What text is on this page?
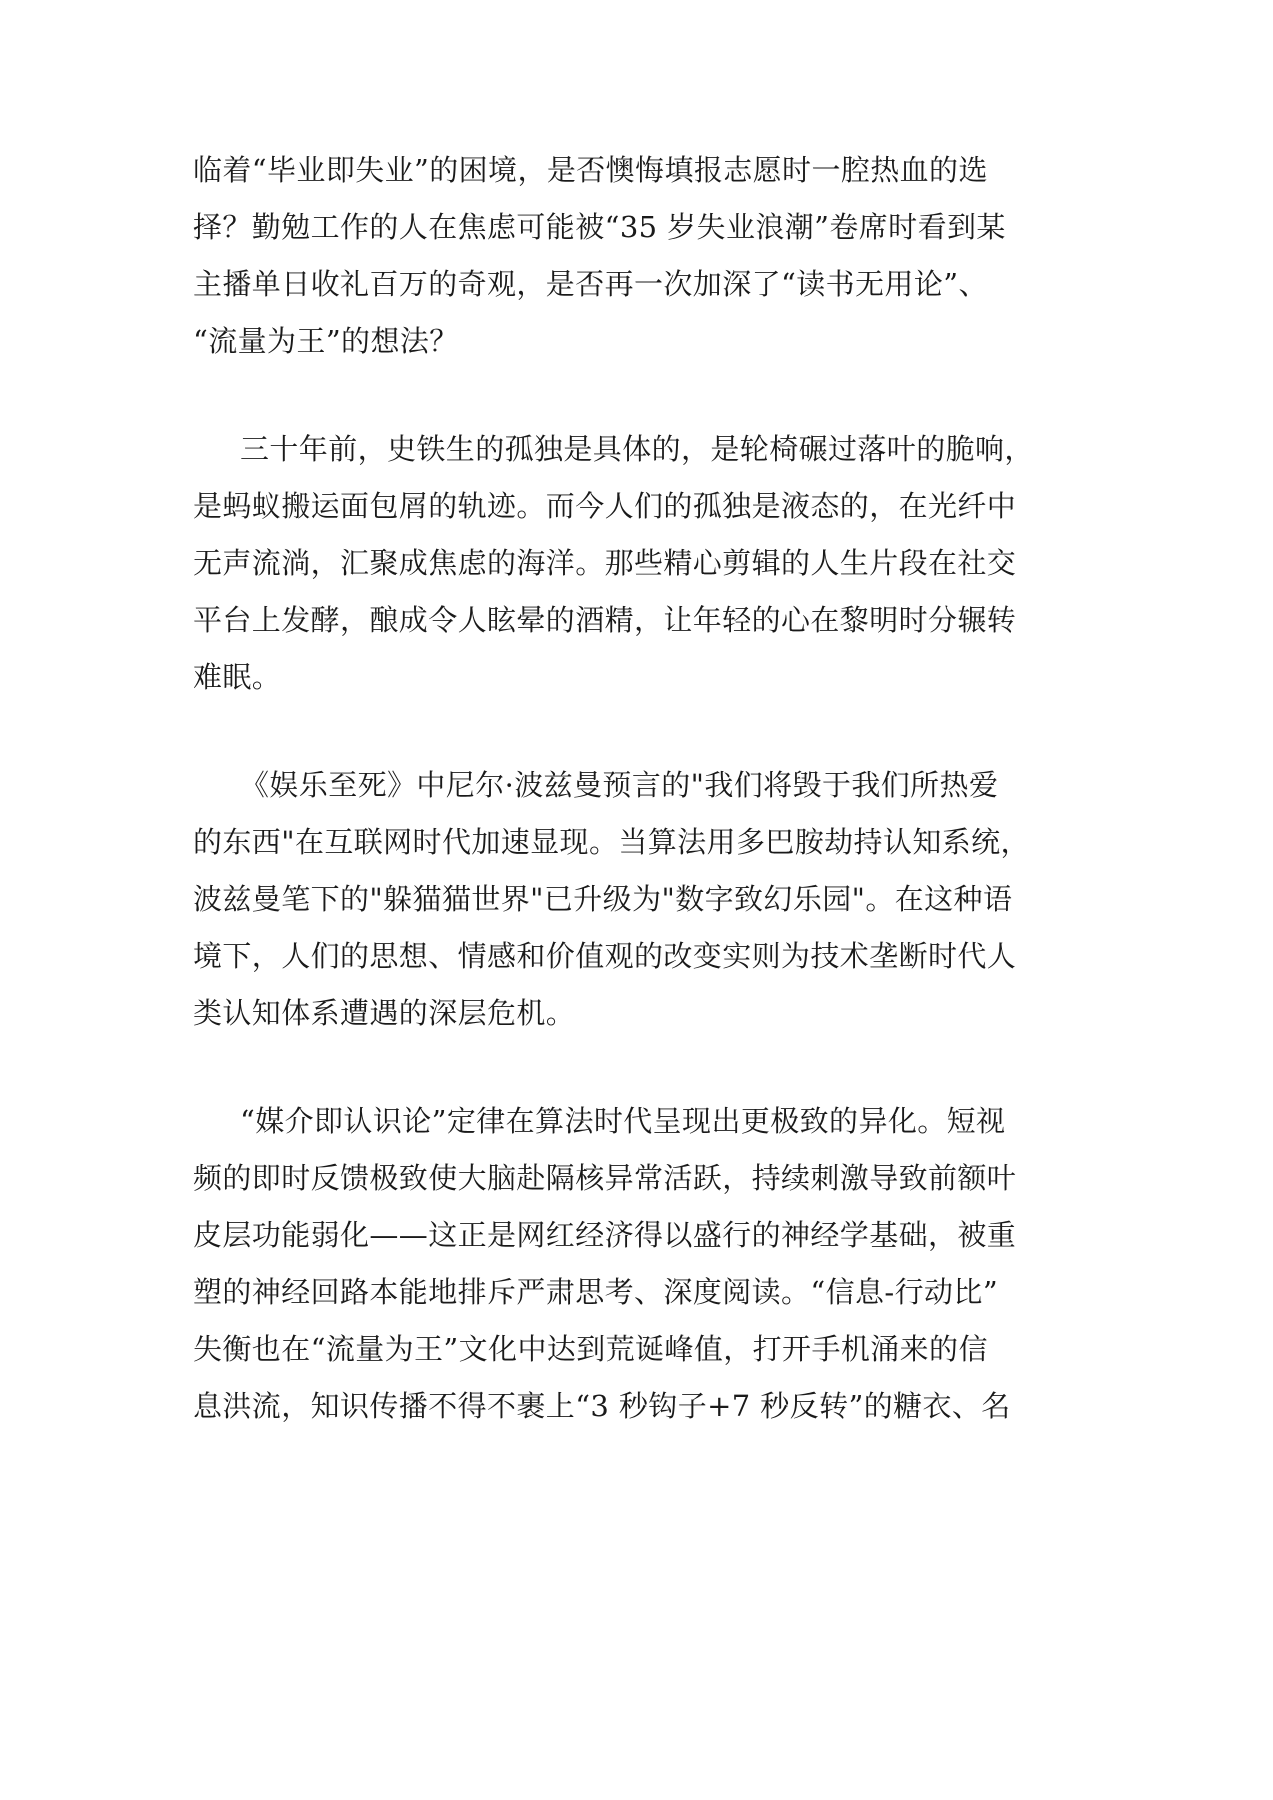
临着“毕业即失业”的困境，是否懊悔填报志愿时一腔热血的选
择？勤勉工作的人在焦虑可能被“35 岁失业浪潮”卷席时看到某
主播单日收礼百万的奇观，是否再一次加深了“读书无用论”、
“流量为王”的想法？
三十年前，史铁生的孤独是具体的，是轮椅碾过落叶的脆响，
是蚂蚁搬运面包屑的轨迹。而今人们的孤独是液态的，在光纤中
无声流淌，汇聚成焦虑的海洋。那些精心剪辑的人生片段在社交
平台上发酵，酿成令人眩晕的酒精，让年轻的心在黎明时分辗转
难眠。
《娱乐至死》中尼尔·波兹曼预言的"我们将毁于我们所热爱
的东西"在互联网时代加速显现。当算法用多巴胺劫持认知系统，
波兹曼笔下的"躲猫猫世界"已升级为"数字致幻乐园"。在这种语
境下，人们的思想、情感和价值观的改变实则为技术垄断时代人
类认知体系遭遇的深层危机。
“媒介即认识论”定律在算法时代呈现出更极致的异化。短视
频的即时反馈极致使大脑赴隔核异常活跃，持续刺激导致前额叶
皮层功能弱化——这正是网红经济得以盛行的神经学基础，被重
塑的神经回路本能地排斥严肃思考、深度阅读。“信息-行动比”
失衡也在“流量为王”文化中达到荒诞峰值，打开手机涌来的信
息洪流，知识传播不得不裹上“3 秒钩子+7 秒反转”的糖衣、名
